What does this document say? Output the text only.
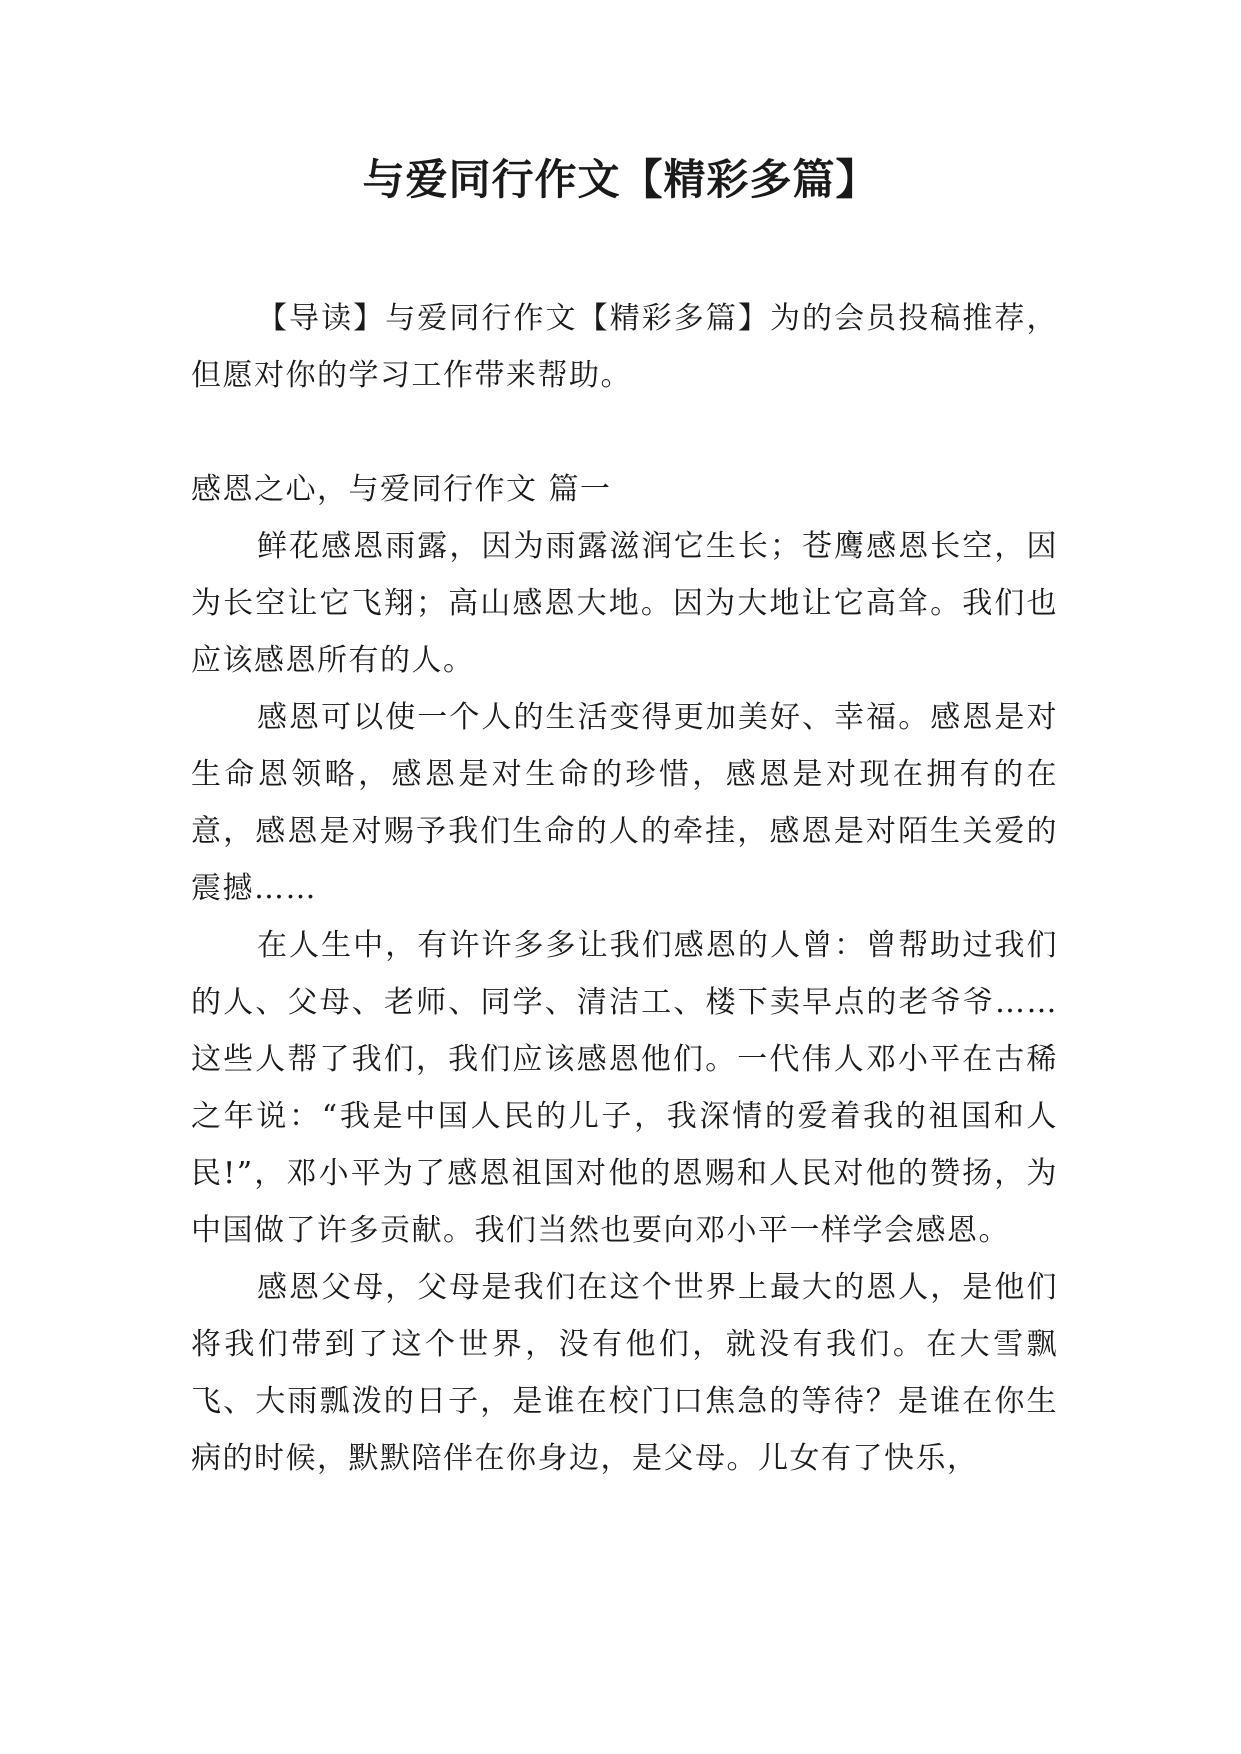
与爱同行作文【精彩多篇】

【导读】与爱同行作文【精彩多篇】为的会员投稿推荐，但愿对你的学习工作带来帮助。

感恩之心，与爱同行作文 篇一

鲜花感恩雨露，因为雨露滋润它生长；苍鹰感恩长空，因为长空让它飞翔；高山感恩大地。因为大地让它高耸。我们也应该感恩所有的人。

感恩可以使一个人的生活变得更加美好、幸福。感恩是对生命恩领略，感恩是对生命的珍惜，感恩是对现在拥有的在意，感恩是对赐予我们生命的人的牵挂，感恩是对陌生关爱的震撼……

在人生中，有许许多多让我们感恩的人曾：曾帮助过我们的人、父母、老师、同学、清洁工、楼下卖早点的老爷爷……这些人帮了我们，我们应该感恩他们。一代伟人邓小平在古稀之年说：“我是中国人民的儿子，我深情的爱着我的祖国和人民!”，邓小平为了感恩祖国对他的恩赐和人民对他的赞扬，为中国做了许多贡献。我们当然也要向邓小平一样学会感恩。

感恩父母，父母是我们在这个世界上最大的恩人，是他们将我们带到了这个世界，没有他们，就没有我们。在大雪飘飞、大雨瓢泼的日子，是谁在校门口焦急的等待？是谁在你生病的时候，默默陪伴在你身边，是父母。儿女有了快乐，
